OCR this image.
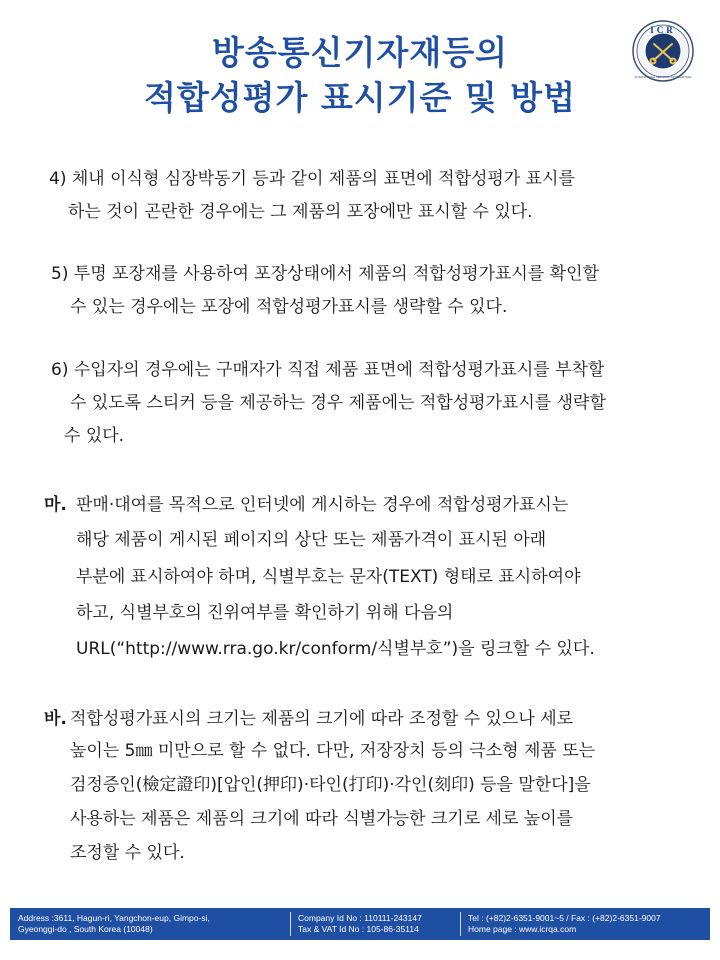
방송통신기자재등의
적합성평가 표시기준 및 방법
ICR
INTERNATIONAL CERTIFICATION REGISTRAR
4) 체내 이식형 심장박동기 등과 같이 제품의 표면에 적합성평가 표시를
하는 것이 곤란한 경우에는 그 제품의 포장에만 표시할 수 있다.
5) 투명 포장재를 사용하여 포장상태에서 제품의 적합성평가표시를 확인할
수 있는 경우에는 포장에 적합성평가표시를 생략할 수 있다.
6) 수입자의 경우에는 구매자가 직접 제품 표면에 적합성평가표시를 부착할
수 있도록 스티커 등을 제공하는 경우 제품에는 적합성평가표시를 생략할
수 있다.
마. 판매·대여를 목적으로 인터넷에 게시하는 경우에 적합성평가표시는
해당 제품이 게시된 페이지의 상단 또는 제품가격이 표시된 아래
부분에 표시하여야 하며, 식별부호는 문자(TEXT) 형태로 표시하여야
하고, 식별부호의 진위여부를 확인하기 위해 다음의
URL(“http://www.rra.go.kr/conform/식별부호”)을 링크할 수 있다.
바. 적합성평가표시의 크기는 제품의 크기에 따라 조정할 수 있으나 세로
높이는 5㎜ 미만으로 할 수 없다. 다만, 저장장치 등의 극소형 제품 또는
검정증인(檢定證印)[압인(押印)·타인(打印)·각인(刻印) 등을 말한다]을
사용하는 제품은 제품의 크기에 따라 식별가능한 크기로 세로 높이를
조정할 수 있다.
Address :3611, Hagun-ri, Yangchon-eup, Gimpo-si,
Gyeonggi-do , South Korea (10048)
Company Id No : 110111-243147
Tax & VAT Id No : 105-86-35114
Tel : (+82)2-6351-9001~5 / Fax : (+82)2-6351-9007
Home page : www.icrqa.com
